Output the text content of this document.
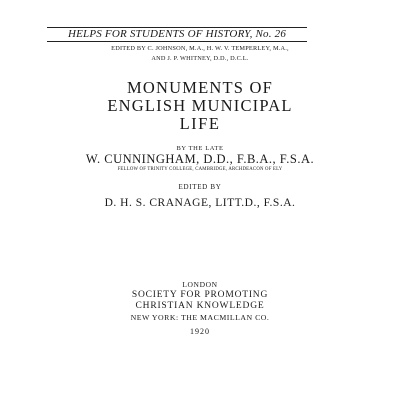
HELPS FOR STUDENTS OF HISTORY, No. 26
EDITED BY C. JOHNSON, M.A., H. W. V. TEMPERLEY, M.A.,
AND J. P. WHITNEY, D.D., D.C.L.
MONUMENTS OF
ENGLISH MUNICIPAL
LIFE
BY THE LATE
W. CUNNINGHAM, D.D., F.B.A., F.S.A.
FELLOW OF TRINITY COLLEGE, CAMBRIDGE, ARCHDEACON OF ELY
EDITED BY
D. H. S. CRANAGE, LITT.D., F.S.A.
LONDON
SOCIETY FOR PROMOTING
CHRISTIAN KNOWLEDGE
NEW YORK: THE MACMILLAN CO.
1920
